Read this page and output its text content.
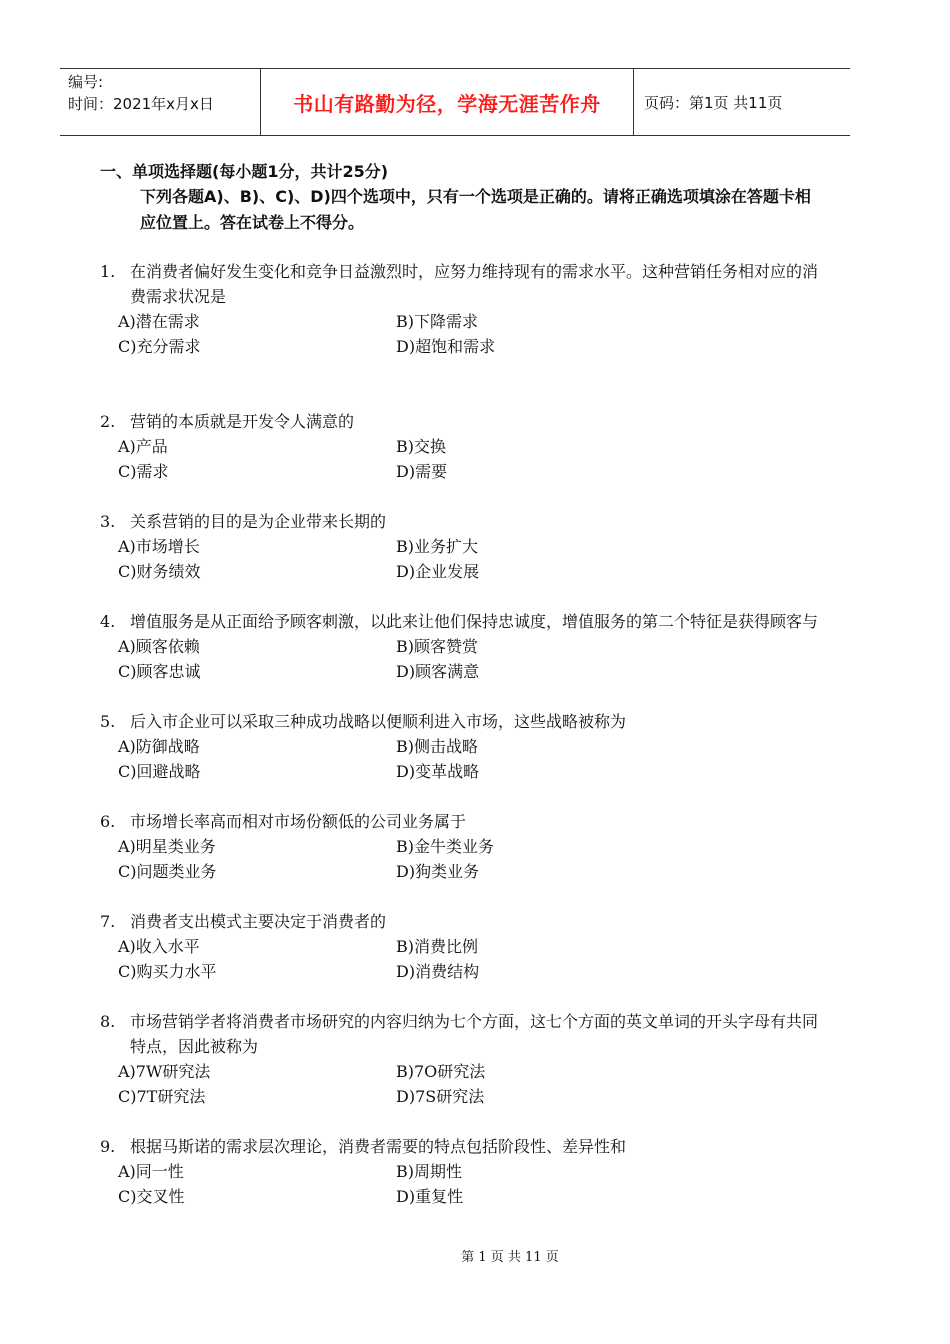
编号:
时间：2021年x月x日	书山有路勤为径，学海无涯苦作舟	页码：第1页 共11页
一、单项选择题(每小题1分，共计25分)
下列各题A)、B)、C)、D)四个选项中，只有一个选项是正确的。请将正确选项填涂在答题卡相应位置上。答在试卷上不得分。
1. 在消费者偏好发生变化和竞争日益激烈时，应努力维持现有的需求水平。这种营销任务相对应的消费需求状况是
A)潜在需求	B)下降需求
C)充分需求	D)超饱和需求
2. 营销的本质就是开发令人满意的
A)产品	B)交换
C)需求	D)需要
3. 关系营销的目的是为企业带来长期的
A)市场增长	B)业务扩大
C)财务绩效	D)企业发展
4. 增值服务是从正面给予顾客刺激，以此来让他们保持忠诚度，增值服务的第二个特征是获得顾客与
A)顾客依赖	B)顾客赞赏
C)顾客忠诚	D)顾客满意
5. 后入市企业可以采取三种成功战略以便顺利进入市场，这些战略被称为
A)防御战略	B)侧击战略
C)回避战略	D)变革战略
6. 市场增长率高而相对市场份额低的公司业务属于
A)明星类业务	B)金牛类业务
C)问题类业务	D)狗类业务
7. 消费者支出模式主要决定于消费者的
A)收入水平	B)消费比例
C)购买力水平	D)消费结构
8. 市场营销学者将消费者市场研究的内容归纳为七个方面，这七个方面的英文单词的开头字母有共同特点，因此被称为
A)7W研究法	B)7O研究法
C)7T研究法	D)7S研究法
9. 根据马斯诺的需求层次理论，消费者需要的特点包括阶段性、差异性和
A)同一性	B)周期性
C)交叉性	D)重复性
第 1 页 共 11 页
